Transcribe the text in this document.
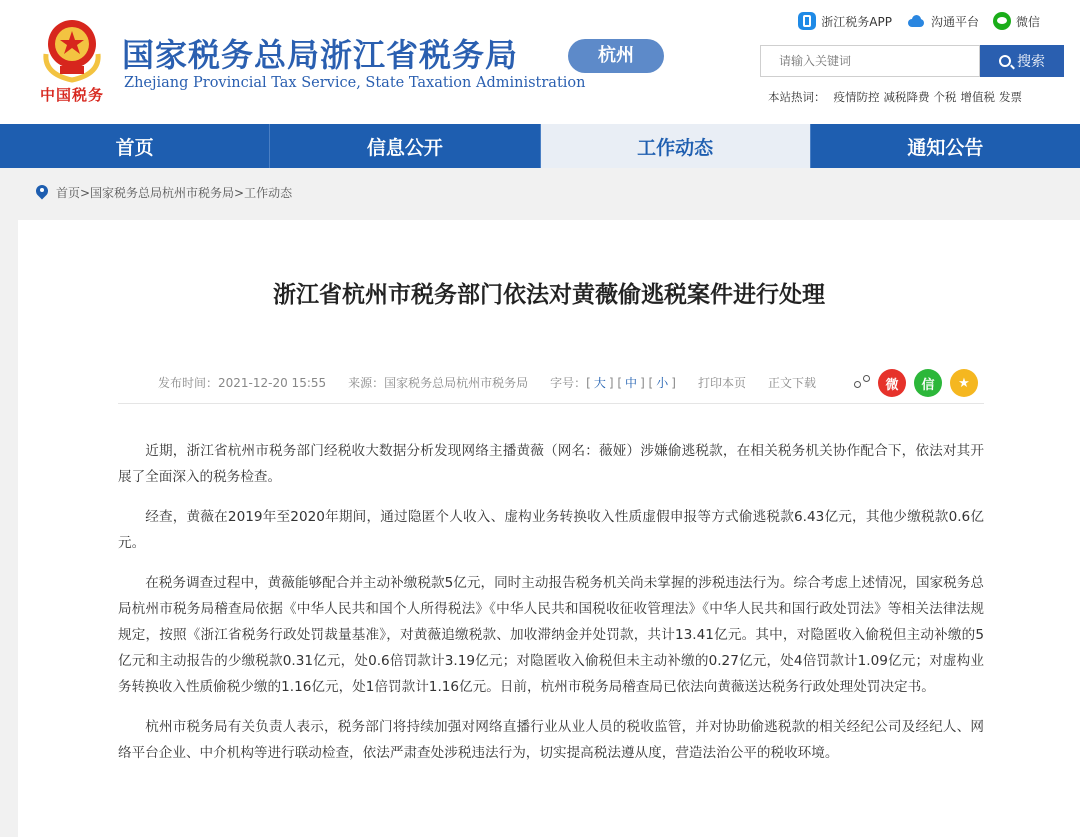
中国税务
国家税务总局浙江省税务局
Zhejiang Provincial Tax Service, State Taxation Administration
杭州
浙江税务APP	沟通平台	微信
请输入关键词
搜索
本站热词： 疫情防控 减税降费 个税 增值税 发票
首页	信息公开	工作动态	通知公告
首页>国家税务总局杭州市税务局>工作动态
浙江省杭州市税务部门依法对黄薇偷逃税案件进行处理
发布时间：2021-12-20 15:55 来源：国家税务总局杭州市税务局 字号：[ 大 ] [ 中 ] [ 小 ] 打印本页 正文下载	微	信	★

近期，浙江省杭州市税务部门经税收大数据分析发现网络主播黄薇（网名：薇娅）涉嫌偷逃税款，在相关税务机关协作配合下，依法对其开展了全面深入的税务检查。

经查，黄薇在2019年至2020年期间，通过隐匿个人收入、虚构业务转换收入性质虚假申报等方式偷逃税款6.43亿元，其他少缴税款0.6亿元。

在税务调查过程中，黄薇能够配合并主动补缴税款5亿元，同时主动报告税务机关尚未掌握的涉税违法行为。综合考虑上述情况，国家税务总局杭州市税务局稽查局依据《中华人民共和国个人所得税法》《中华人民共和国税收征收管理法》《中华人民共和国行政处罚法》等相关法律法规规定，按照《浙江省税务行政处罚裁量基准》，对黄薇追缴税款、加收滞纳金并处罚款，共计13.41亿元。其中，对隐匿收入偷税但主动补缴的5亿元和主动报告的少缴税款0.31亿元，处0.6倍罚款计3.19亿元；对隐匿收入偷税但未主动补缴的0.27亿元，处4倍罚款计1.09亿元；对虚构业务转换收入性质偷税少缴的1.16亿元，处1倍罚款计1.16亿元。日前，杭州市税务局稽查局已依法向黄薇送达税务行政处理处罚决定书。

杭州市税务局有关负责人表示，税务部门将持续加强对网络直播行业从业人员的税收监管，并对协助偷逃税款的相关经纪公司及经纪人、网络平台企业、中介机构等进行联动检查，依法严肃查处涉税违法行为，切实提高税法遵从度，营造法治公平的税收环境。
